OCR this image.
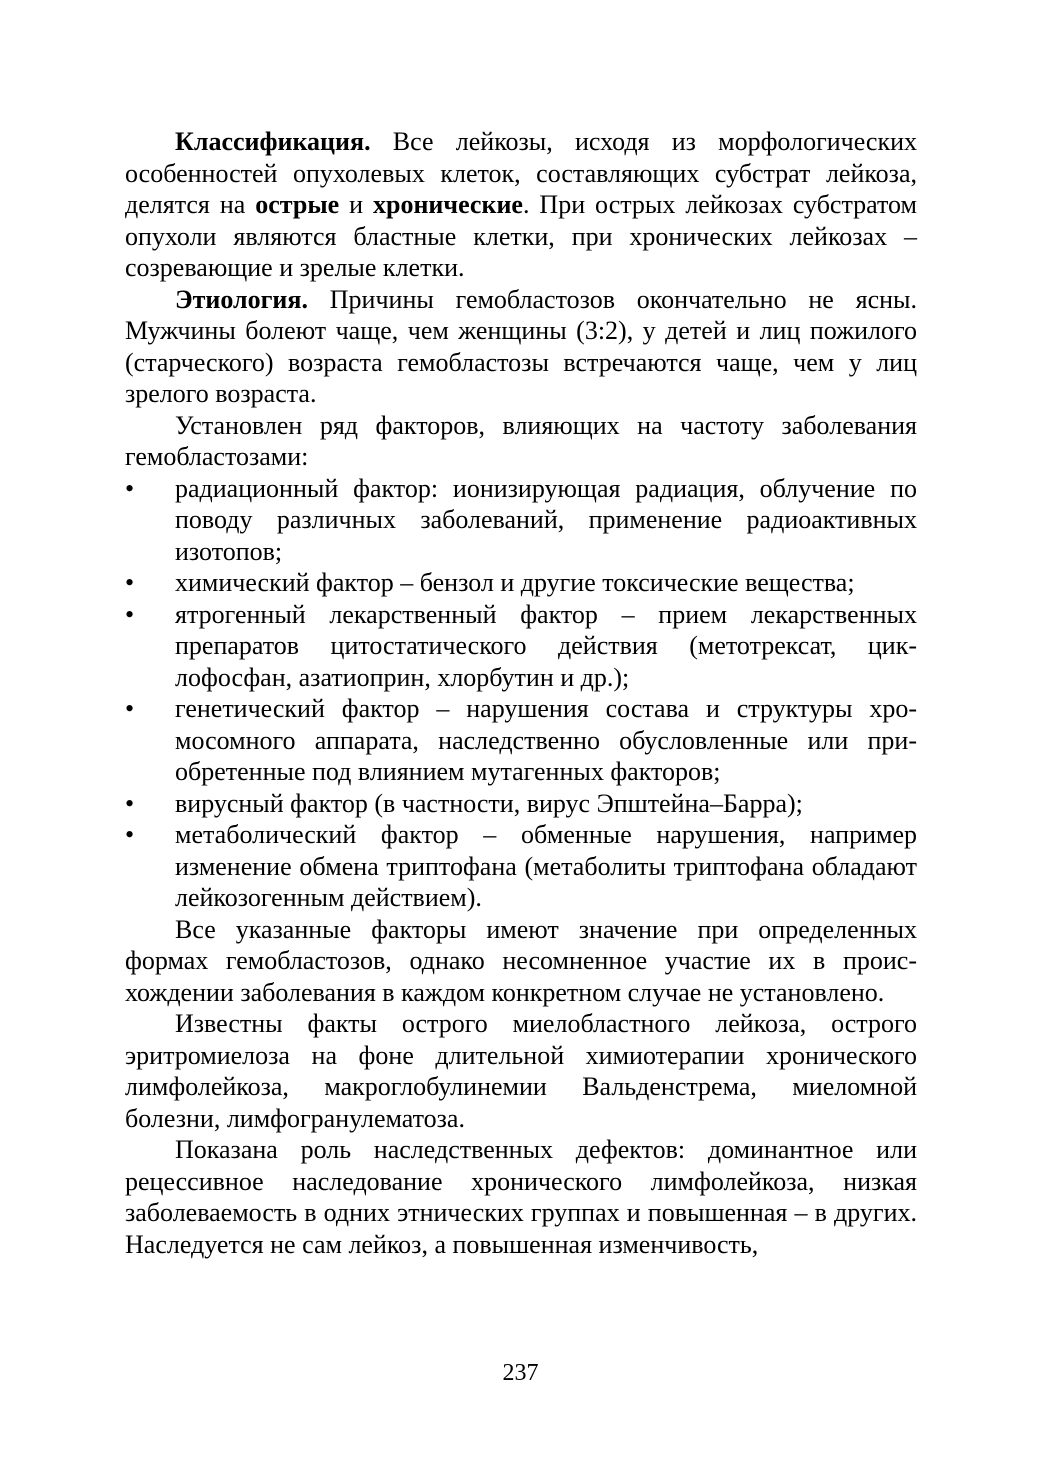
Классификация. Все лейкозы, исходя из морфологических особенностей опухолевых клеток, составляющих субстрат лейкоза, делятся на острые и хронические. При острых лейкозах субстратом опухоли являются бластные клетки, при хронических лейкозах – созревающие и зрелые клетки.

Этиология. Причины гемобластозов окончательно не ясны. Мужчины болеют чаще, чем женщины (3:2), у детей и лиц пожилого (старческого) возраста гемобластозы встречаются чаще, чем у лиц зрелого возраста.

Установлен ряд факторов, влияющих на частоту заболевания гемобластозами:

• радиационный фактор: ионизирующая радиация, облучение по поводу различных заболеваний, применение радиоактивных изотопов;
• химический фактор – бензол и другие токсические вещества;
• ятрогенный лекарственный фактор – прием лекарственных препаратов цитостатического действия (метотрексат, циклофосфан, азатиоприн, хлорбутин и др.);
• генетический фактор – нарушения состава и структуры хромосомного аппарата, наследственно обусловленные или приобретенные под влиянием мутагенных факторов;
• вирусный фактор (в частности, вирус Эпштейна–Барра);
• метаболический фактор – обменные нарушения, например изменение обмена триптофана (метаболиты триптофана обладают лейкозогенным действием).

Все указанные факторы имеют значение при определенных формах гемобластозов, однако несомненное участие их в происхождении заболевания в каждом конкретном случае не установлено.

Известны факты острого миелобластного лейкоза, острого эритромиелоза на фоне длительной химиотерапии хронического лимфолейкоза, макроглобулинемии Вальденстрема, миеломной болезни, лимфогранулематоза.

Показана роль наследственных дефектов: доминантное или рецессивное наследование хронического лимфолейкоза, низкая заболеваемость в одних этнических группах и повышенная – в других. Наследуется не сам лейкоз, а повышенная изменчивость,

237
